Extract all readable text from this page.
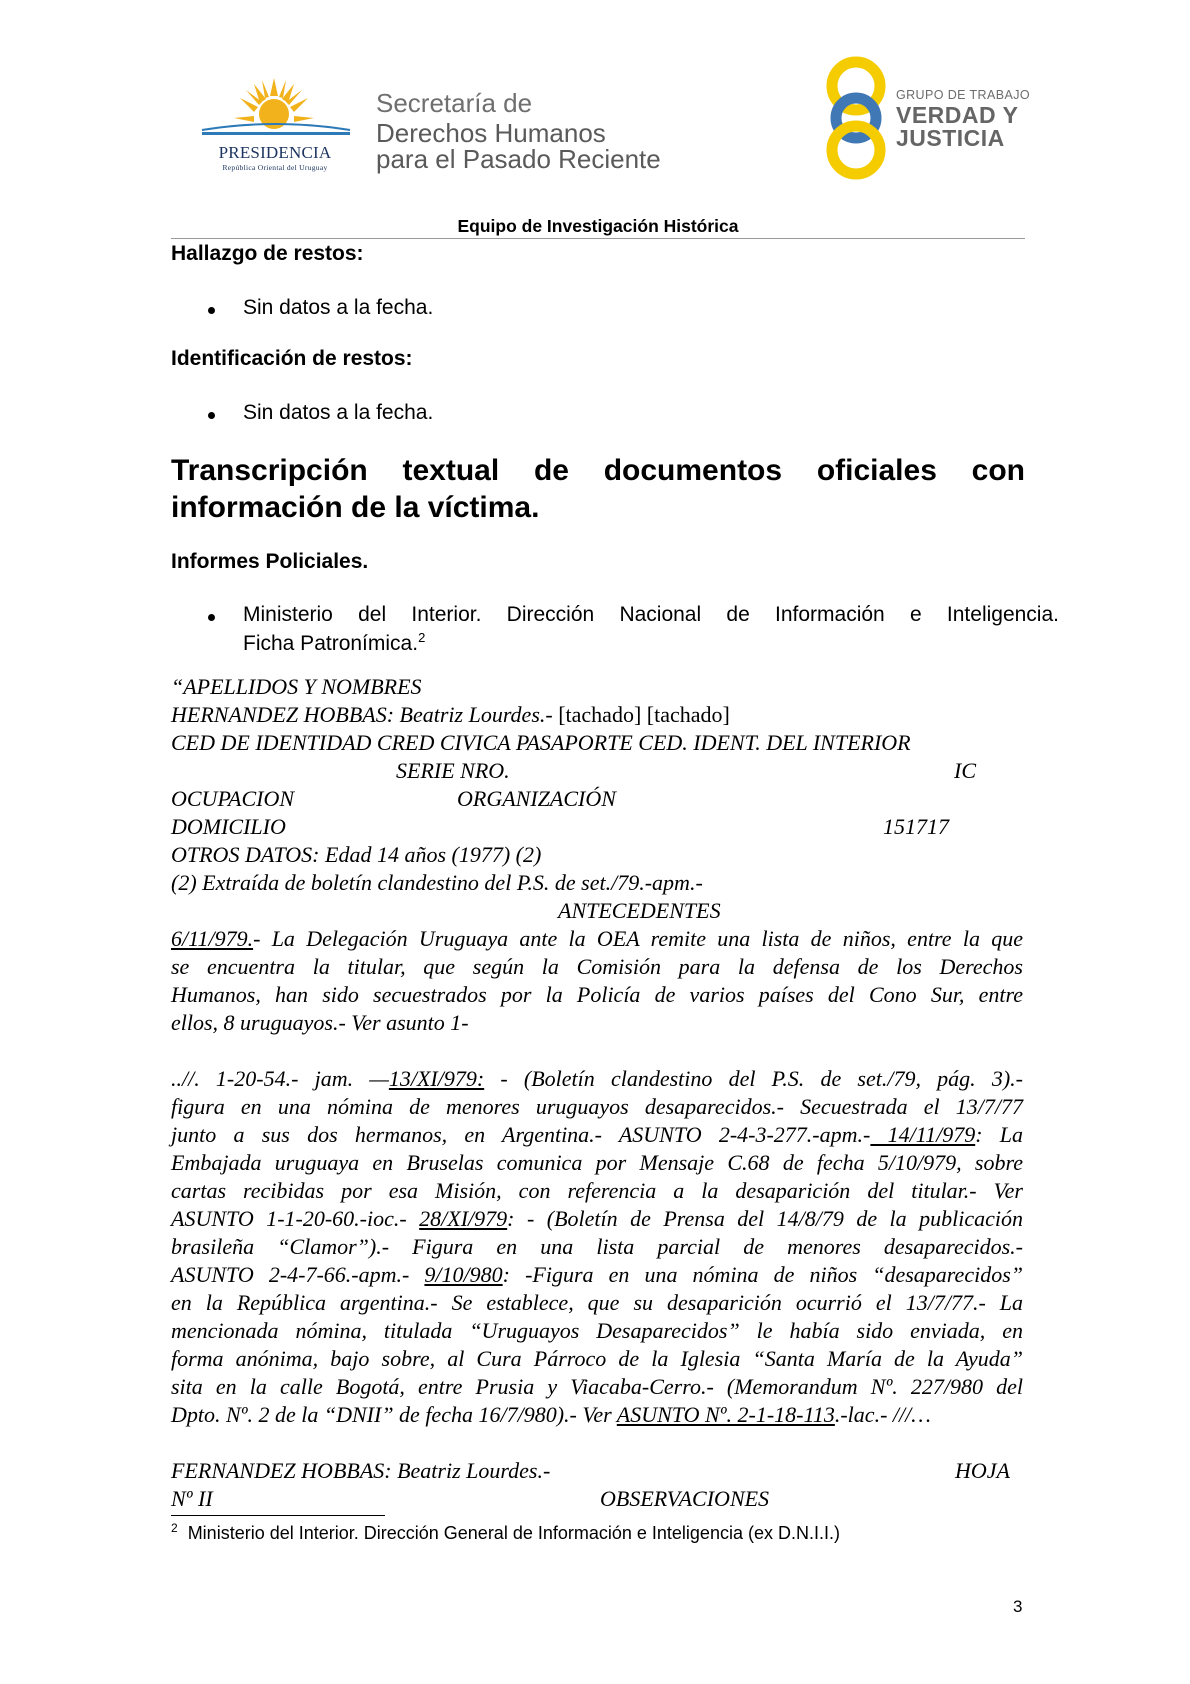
PRESIDENCIA
República Oriental del Uruguay
Secretaría de
Derechos Humanos
para el Pasado Reciente
GRUPO DE TRABAJO
VERDAD Y
JUSTICIA
Equipo de Investigación Histórica
Hallazgo de restos:
Sin datos a la fecha.
Identificación de restos:
Sin datos a la fecha.
Transcripción textual de documentos oficiales con información de la víctima.
Informes Policiales.
Ministerio del Interior. Dirección Nacional de Información e Inteligencia.
Ficha Patronímica.$^2$
“APELLIDOS Y NOMBRES
HERNANDEZ HOBBAS: Beatriz Lourdes.- [tachado] [tachado]
CED DE IDENTIDAD CRED CIVICA PASAPORTE CED. IDENT. DEL INTERIOR
SERIE NRO.	IC
OCUPACION	ORGANIZACIÓN
DOMICILIO	151717
OTROS DATOS: Edad 14 años (1977) (2)
(2) Extraída de boletín clandestino del P.S. de set./79.-apm.-
ANTECEDENTES
6/11/979.- La Delegación Uruguaya ante la OEA remite una lista de niños, entre la que
se encuentra la titular, que según la Comisión para la defensa de los Derechos
Humanos, han sido secuestrados por la Policía de varios países del Cono Sur, entre
ellos, 8 uruguayos.- Ver asunto 1-
..//. 1-20-54.- jam. —13/XI/979: - (Boletín clandestino del P.S. de set./79, pág. 3).-
figura en una nómina de menores uruguayos desaparecidos.- Secuestrada el 13/7/77
junto a sus dos hermanos, en Argentina.- ASUNTO 2-4-3-277.-apm.- 14/11/979: La
Embajada uruguaya en Bruselas comunica por Mensaje C.68 de fecha 5/10/979, sobre
cartas recibidas por esa Misión, con referencia a la desaparición del titular.- Ver
ASUNTO 1-1-20-60.-ioc.- 28/XI/979: - (Boletín de Prensa del 14/8/79 de la publicación
brasileña “Clamor”).- Figura en una lista parcial de menores desaparecidos.-
ASUNTO 2-4-7-66.-apm.- 9/10/980: -Figura en una nómina de niños “desaparecidos”
en la República argentina.- Se establece, que su desaparición ocurrió el 13/7/77.- La
mencionada nómina, titulada “Uruguayos Desaparecidos” le había sido enviada, en
forma anónima, bajo sobre, al Cura Párroco de la Iglesia “Santa María de la Ayuda”
sita en la calle Bogotá, entre Prusia y Viacaba-Cerro.- (Memorandum Nº. 227/980 del
Dpto. Nº. 2 de la “DNII” de fecha 16/7/980).- Ver ASUNTO Nº. 2-1-18-113.-lac.- ///…
FERNANDEZ HOBBAS: Beatriz Lourdes.-	HOJA
Nº II	OBSERVACIONES
$^2$ Ministerio del Interior. Dirección General de Información e Inteligencia (ex D.N.I.I.)
3
